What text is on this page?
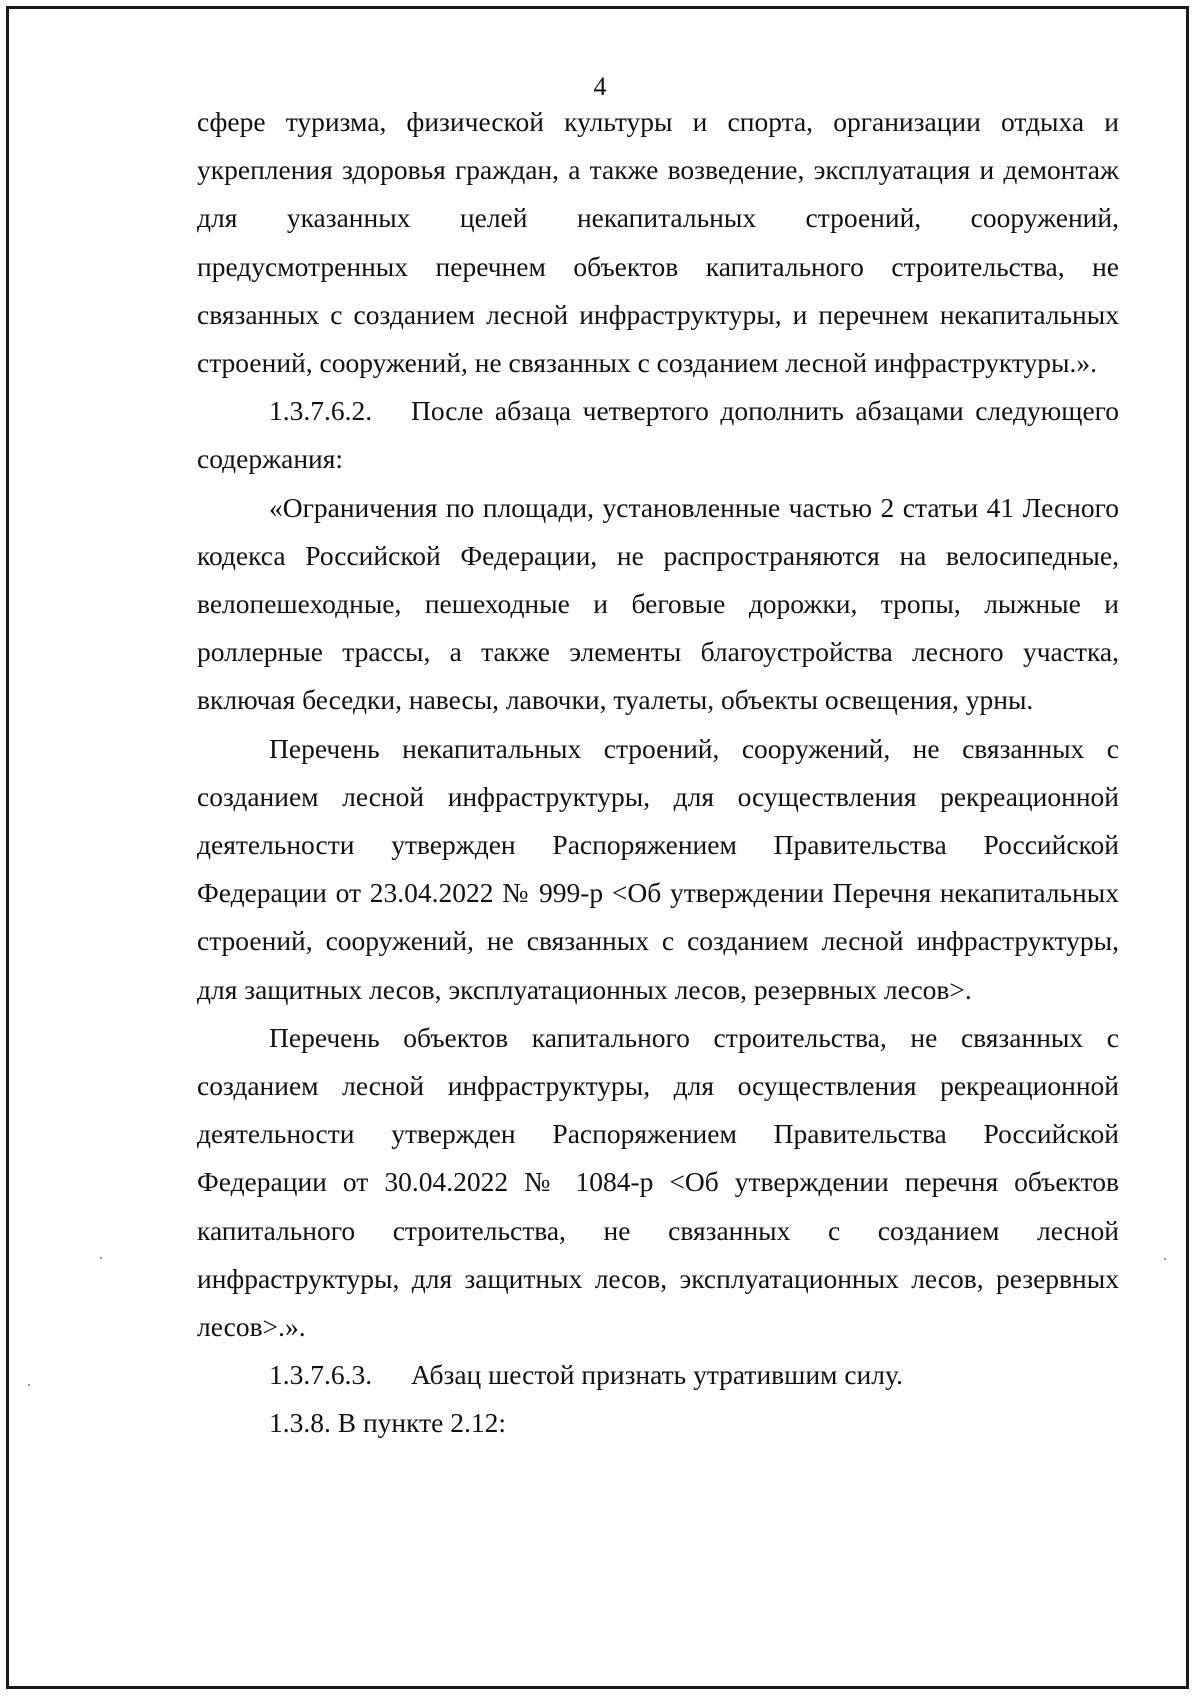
4

сфере туризма, физической культуры и спорта, организации отдыха и укрепления здоровья граждан, а также возведение, эксплуатация и демонтаж для указанных целей некапитальных строений, сооружений, предусмотренных перечнем объектов капитального строительства, не связанных с созданием лесной инфраструктуры, и перечнем некапитальных строений, сооружений, не связанных с созданием лесной инфраструктуры.».

1.3.7.6.2.	После абзаца четвертого дополнить абзацами следующего

содержания:

«Ограничения по площади, установленные частью 2 статьи 41 Лесного кодекса Российской Федерации, не распространяются на велосипедные, велопешеходные, пешеходные и беговые дорожки, тропы, лыжные и роллерные трассы, а также элементы благоустройства лесного участка, включая беседки, навесы, лавочки, туалеты, объекты освещения, урны.

Перечень некапитальных строений, сооружений, не связанных с созданием лесной инфраструктуры, для осуществления рекреационной деятельности утвержден Распоряжением Правительства Российской Федерации от 23.04.2022 № 999-р <Об утверждении Перечня некапитальных строений, сооружений, не связанных с созданием лесной инфраструктуры, для защитных лесов, эксплуатационных лесов, резервных лесов>.

Перечень объектов капитального строительства, не связанных с созданием лесной инфраструктуры, для осуществления рекреационной деятельности утвержден Распоряжением Правительства Российской Федерации от 30.04.2022 № 1084-р <Об утверждении перечня объектов капитального строительства, не связанных с созданием лесной инфраструктуры, для защитных лесов, эксплуатационных лесов, резервных лесов>.».

1.3.7.6.3.	Абзац шестой признать утратившим силу.

1.3.8. В пункте 2.12:
